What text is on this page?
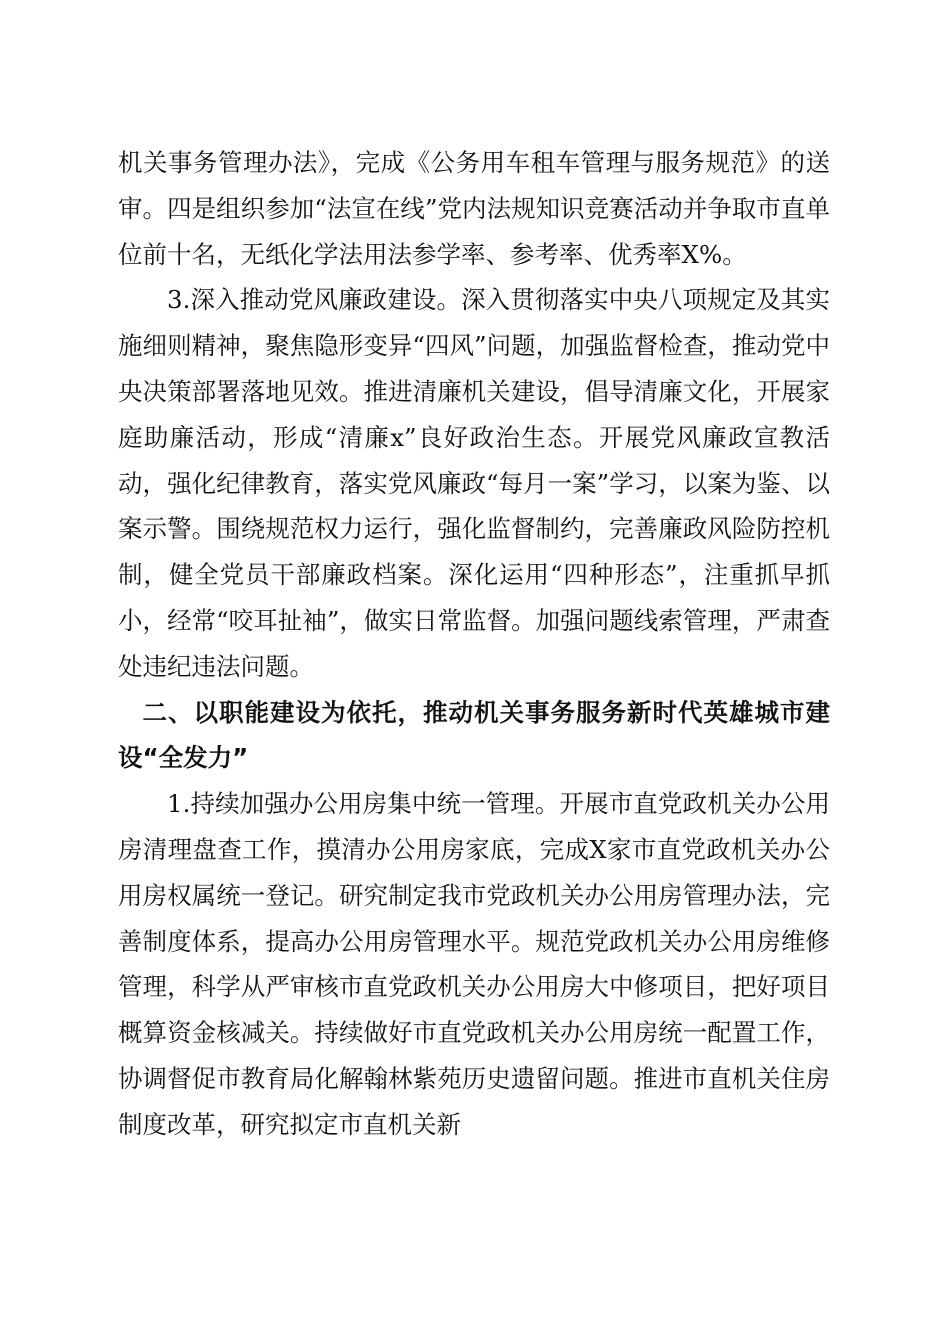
机关事务管理办法》，完成《公务用车租车管理与服务规范》的送审。四是组织参加“法宣在线”党内法规知识竞赛活动并争取市直单位前十名，无纸化学法用法参学率、参考率、优秀率X%。

3.深入推动党风廉政建设。深入贯彻落实中央八项规定及其实施细则精神，聚焦隐形变异“四风”问题，加强监督检查，推动党中央决策部署落地见效。推进清廉机关建设，倡导清廉文化，开展家庭助廉活动，形成“清廉x”良好政治生态。开展党风廉政宣教活动，强化纪律教育，落实党风廉政“每月一案”学习，以案为鉴、以案示警。围绕规范权力运行，强化监督制约，完善廉政风险防控机制，健全党员干部廉政档案。深化运用“四种形态”，注重抓早抓小，经常“咬耳扯袖”，做实日常监督。加强问题线索管理，严肃查处违纪违法问题。

二、以职能建设为依托，推动机关事务服务新时代英雄城市建设“全发力”

1.持续加强办公用房集中统一管理。开展市直党政机关办公用房清理盘查工作，摸清办公用房家底，完成X家市直党政机关办公用房权属统一登记。研究制定我市党政机关办公用房管理办法，完善制度体系，提高办公用房管理水平。规范党政机关办公用房维修管理，科学从严审核市直党政机关办公用房大中修项目，把好项目概算资金核减关。持续做好市直党政机关办公用房统一配置工作，协调督促市教育局化解翰林紫苑历史遗留问题。推进市直机关住房制度改革，研究拟定市直机关新
